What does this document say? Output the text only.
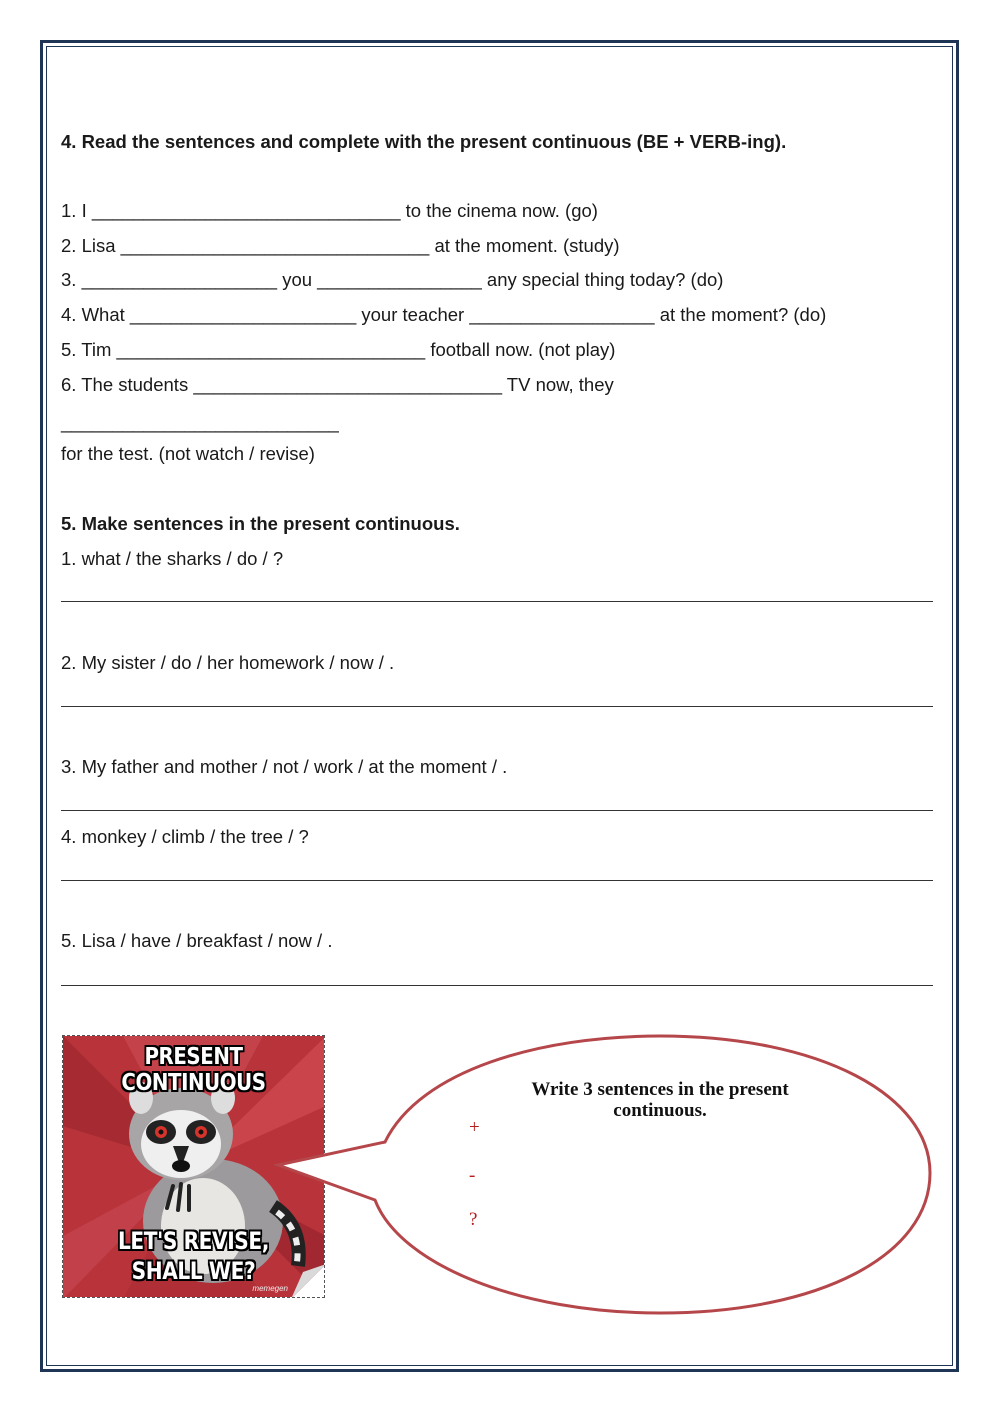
4. Read the sentences and complete with the present continuous (BE + VERB-ing).
1. I ______________________________ to the cinema now. (go)
2. Lisa ______________________________ at the moment. (study)
3. ___________________ you ________________ any special thing today? (do)
4. What ______________________ your teacher __________________ at the moment? (do)
5. Tim ______________________________ football now. (not play)
6. The students ______________________________ TV now, they
___________________________
for the test. (not watch / revise)
5. Make sentences in the present continuous.
1. what / the sharks / do / ?
2. My sister / do / her homework / now / .
3. My father and mother / not / work / at the moment / .
4. monkey / climb / the tree / ?
5. Lisa / have / breakfast / now / .
PRESENT CONTINUOUS
LET'S REVISE,
SHALL WE?
memegen
Write 3 sentences in the present continuous.
+
-
?
